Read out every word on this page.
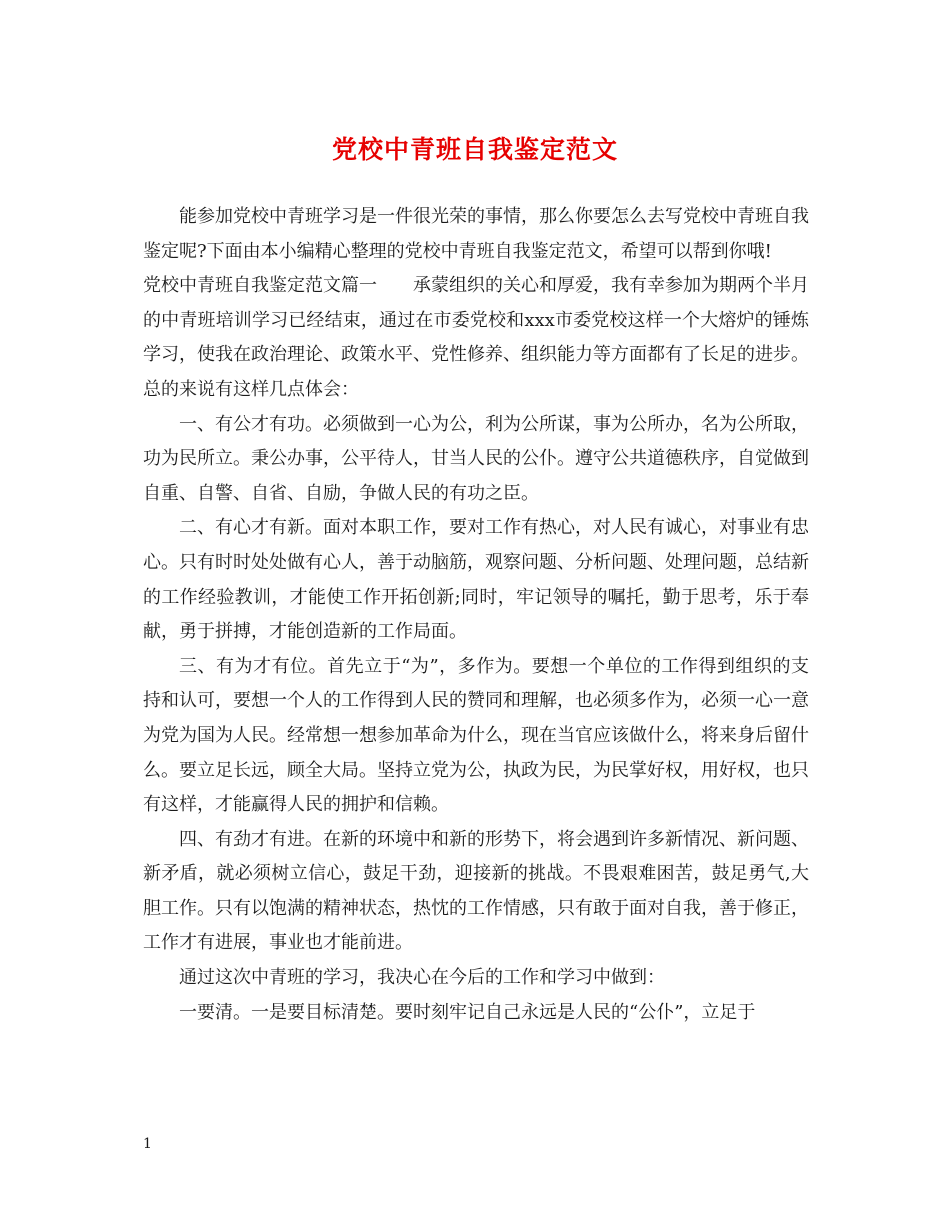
党校中青班自我鉴定范文

能参加党校中青班学习是一件很光荣的事情，那么你要怎么去写党校中青班自我鉴定呢?下面由本小编精心整理的党校中青班自我鉴定范文，希望可以帮到你哦!

党校中青班自我鉴定范文篇一　　承蒙组织的关心和厚爱，我有幸参加为期两个半月的中青班培训学习已经结束，通过在市委党校和xxx市委党校这样一个大熔炉的锤炼学习，使我在政治理论、政策水平、党性修养、组织能力等方面都有了长足的进步。总的来说有这样几点体会：

一、有公才有功。必须做到一心为公，利为公所谋，事为公所办，名为公所取，功为民所立。秉公办事，公平待人，甘当人民的公仆。遵守公共道德秩序，自觉做到自重、自警、自省、自励，争做人民的有功之臣。

二、有心才有新。面对本职工作，要对工作有热心，对人民有诚心，对事业有忠心。只有时时处处做有心人，善于动脑筋，观察问题、分析问题、处理问题，总结新的工作经验教训，才能使工作开拓创新;同时，牢记领导的嘱托，勤于思考，乐于奉献，勇于拼搏，才能创造新的工作局面。

三、有为才有位。首先立于“为”，多作为。要想一个单位的工作得到组织的支持和认可，要想一个人的工作得到人民的赞同和理解，也必须多作为，必须一心一意为党为国为人民。经常想一想参加革命为什么，现在当官应该做什么，将来身后留什么。要立足长远，顾全大局。坚持立党为公，执政为民，为民掌好权，用好权，也只有这样，才能赢得人民的拥护和信赖。

四、有劲才有进。在新的环境中和新的形势下，将会遇到许多新情况、新问题、新矛盾，就必须树立信心，鼓足干劲，迎接新的挑战。不畏艰难困苦，鼓足勇气,大胆工作。只有以饱满的精神状态，热忱的工作情感，只有敢于面对自我，善于修正，工作才有进展，事业也才能前进。

通过这次中青班的学习，我决心在今后的工作和学习中做到：

一要清。一是要目标清楚。要时刻牢记自己永远是人民的“公仆”，立足于

1
